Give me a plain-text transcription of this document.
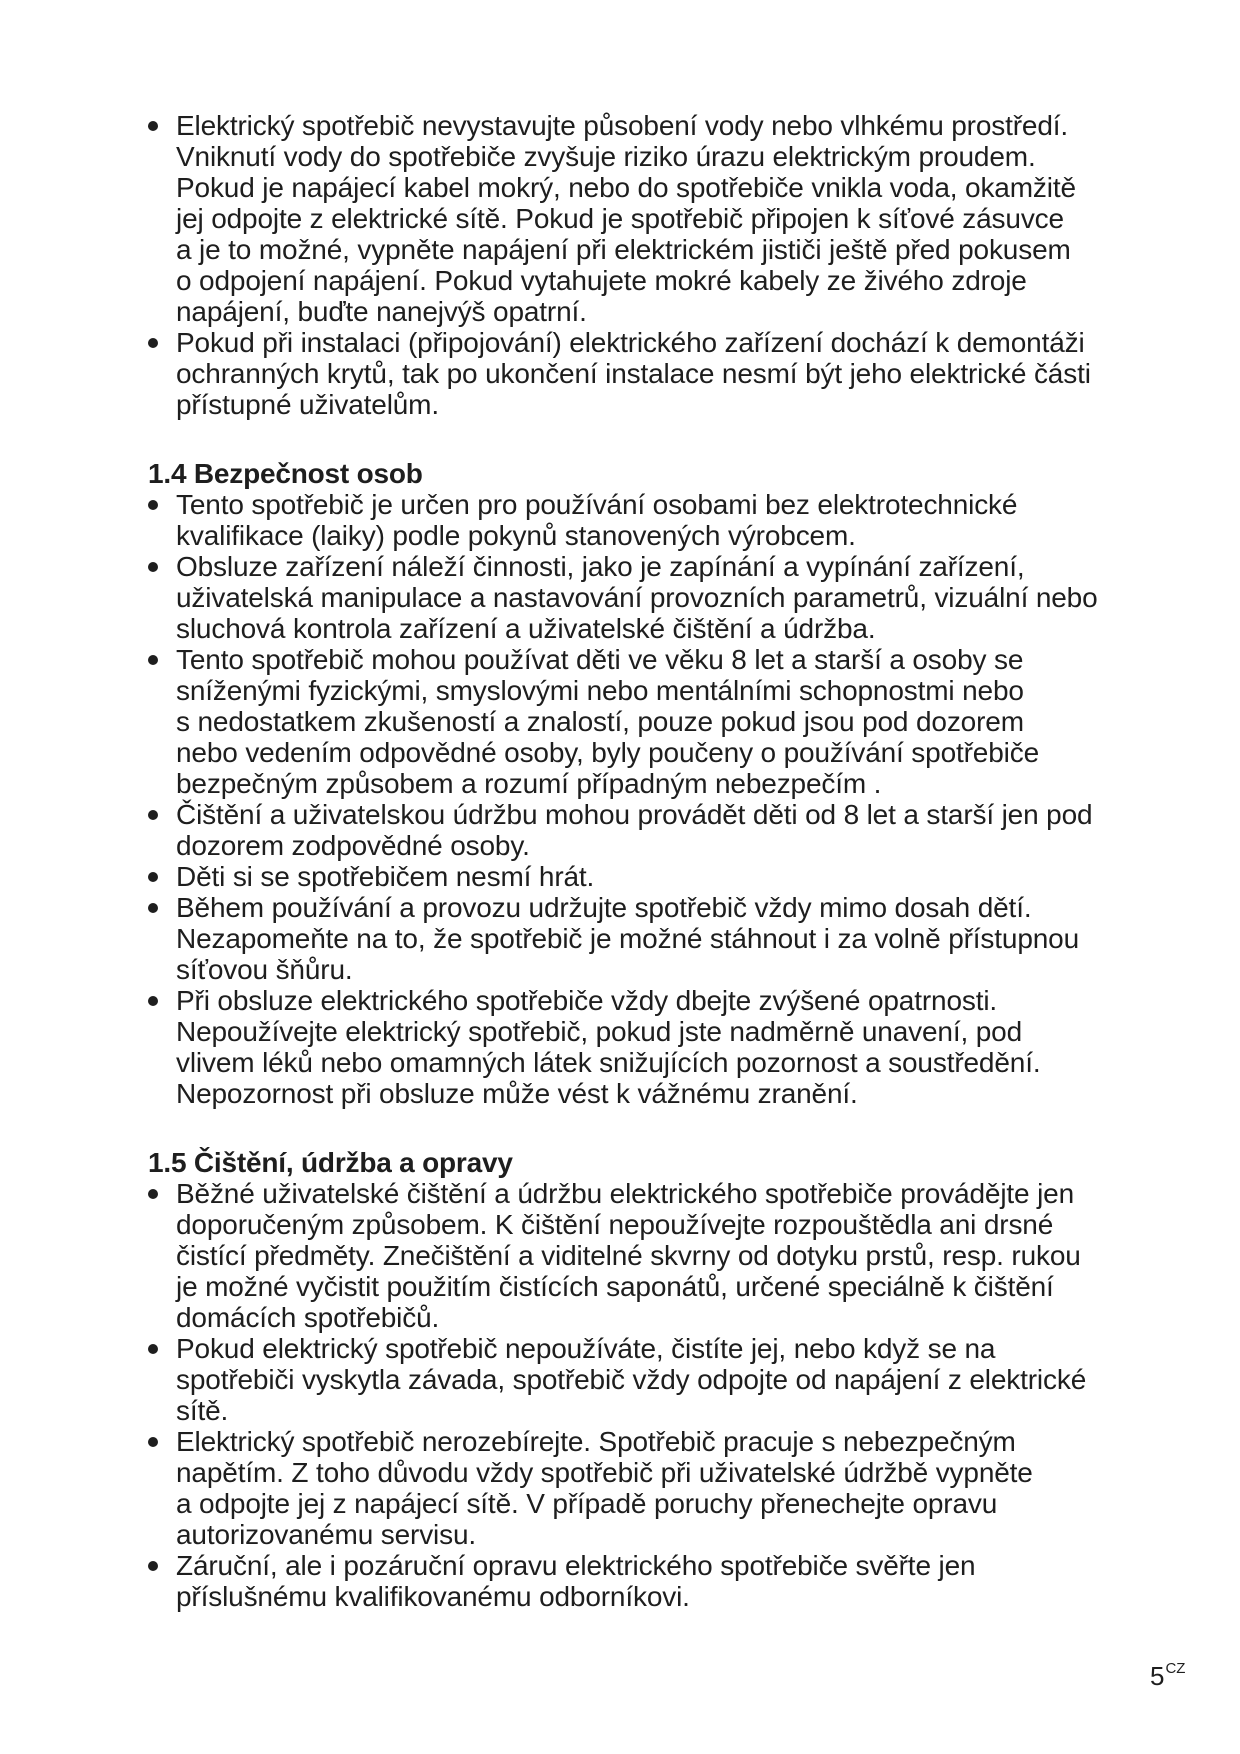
Elektrický spotřebič nevystavujte působení vody nebo vlhkému prostředí.
Vniknutí vody do spotřebiče zvyšuje riziko úrazu elektrickým proudem.
Pokud je napájecí kabel mokrý, nebo do spotřebiče vnikla voda, okamžitě
jej odpojte z elektrické sítě. Pokud je spotřebič připojen k síťové zásuvce
a je to možné, vypněte napájení při elektrickém jističi ještě před pokusem
o odpojení napájení. Pokud vytahujete mokré kabely ze živého zdroje
napájení, buďte nanejvýš opatrní.
Pokud při instalaci (připojování) elektrického zařízení dochází k demontáži
ochranných krytů, tak po ukončení instalace nesmí být jeho elektrické části
přístupné uživatelům.
1.4 Bezpečnost osob
Tento spotřebič je určen pro používání osobami bez elektrotechnické
kvalifikace (laiky) podle pokynů stanovených výrobcem.
Obsluze zařízení náleží činnosti, jako je zapínání a vypínání zařízení,
uživatelská manipulace a nastavování provozních parametrů, vizuální nebo
sluchová kontrola zařízení a uživatelské čištění a údržba.
Tento spotřebič mohou používat děti ve věku 8 let a starší a osoby se
sníženými fyzickými, smyslovými nebo mentálními schopnostmi nebo
s nedostatkem zkušeností a znalostí, pouze pokud jsou pod dozorem
nebo vedením odpovědné osoby, byly poučeny o používání spotřebiče
bezpečným způsobem a rozumí případným nebezpečím .
Čištění a uživatelskou údržbu mohou provádět děti od 8 let a starší jen pod
dozorem zodpovědné osoby.
Děti si se spotřebičem nesmí hrát.
Během používání a provozu udržujte spotřebič vždy mimo dosah dětí.
Nezapomeňte na to, že spotřebič je možné stáhnout i za volně přístupnou
síťovou šňůru.
Při obsluze elektrického spotřebiče vždy dbejte zvýšené opatrnosti.
Nepoužívejte elektrický spotřebič, pokud jste nadměrně unavení, pod
vlivem léků nebo omamných látek snižujících pozornost a soustředění.
Nepozornost při obsluze může vést k vážnému zranění.
1.5 Čištění, údržba a opravy
Běžné uživatelské čištění a údržbu elektrického spotřebiče provádějte jen
doporučeným způsobem. K čištění nepoužívejte rozpouštědla ani drsné
čistící předměty. Znečištění a viditelné skvrny od dotyku prstů, resp. rukou
je možné vyčistit použitím čistících saponátů, určené speciálně k čištění
domácích spotřebičů.
Pokud elektrický spotřebič nepoužíváte, čistíte jej, nebo když se na
spotřebiči vyskytla závada, spotřebič vždy odpojte od napájení z elektrické
sítě.
Elektrický spotřebič nerozebírejte. Spotřebič pracuje s nebezpečným
napětím. Z toho důvodu vždy spotřebič při uživatelské údržbě vypněte
a odpojte jej z napájecí sítě. V případě poruchy přenechejte opravu
autorizovanému servisu.
Záruční, ale i pozáruční opravu elektrického spotřebiče svěřte jen
příslušnému kvalifikovanému odborníkovi.
$5^{CZ}$
